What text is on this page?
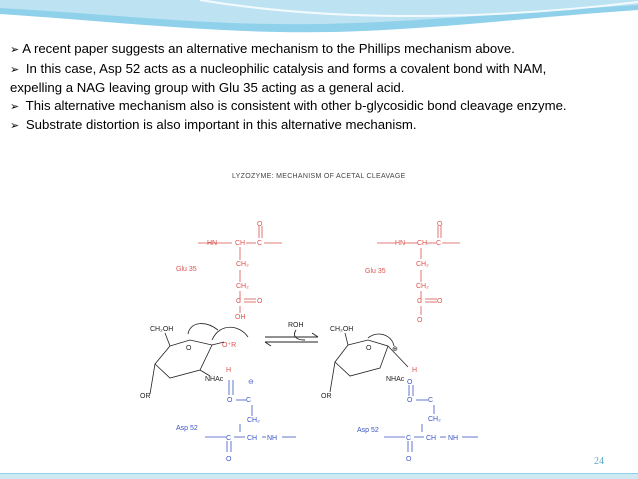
➢ A recent paper suggests an alternative mechanism to the Phillips mechanism above.
➢ In this case, Asp 52 acts as a nucleophilic catalysis and forms a covalent bond with NAM, expelling a NAG leaving group with Glu 35 acting as a general acid.
➢ This alternative mechanism also is consistent with other b-glycosidic bond cleavage enzyme.
➢ Substrate distortion is also important in this alternative mechanism.
LYZOZYME: MECHANISM OF ACETAL CLEAVAGE
HN	CH C
O
Glu 35
CH₂
CH₂
C O
OH
O⁺R
H
CH₂OH
O
NHAc
OR
⊖
O C
CH₂
Asp 52
C CH NH
O
ROH
HN CH C
O
Glu 35
CH₂
CH₂
C O
O
H
CH₂OH
O	⊕
NHAc
OR
O
O C
CH₂
Asp 52
C CH NH
O	24
